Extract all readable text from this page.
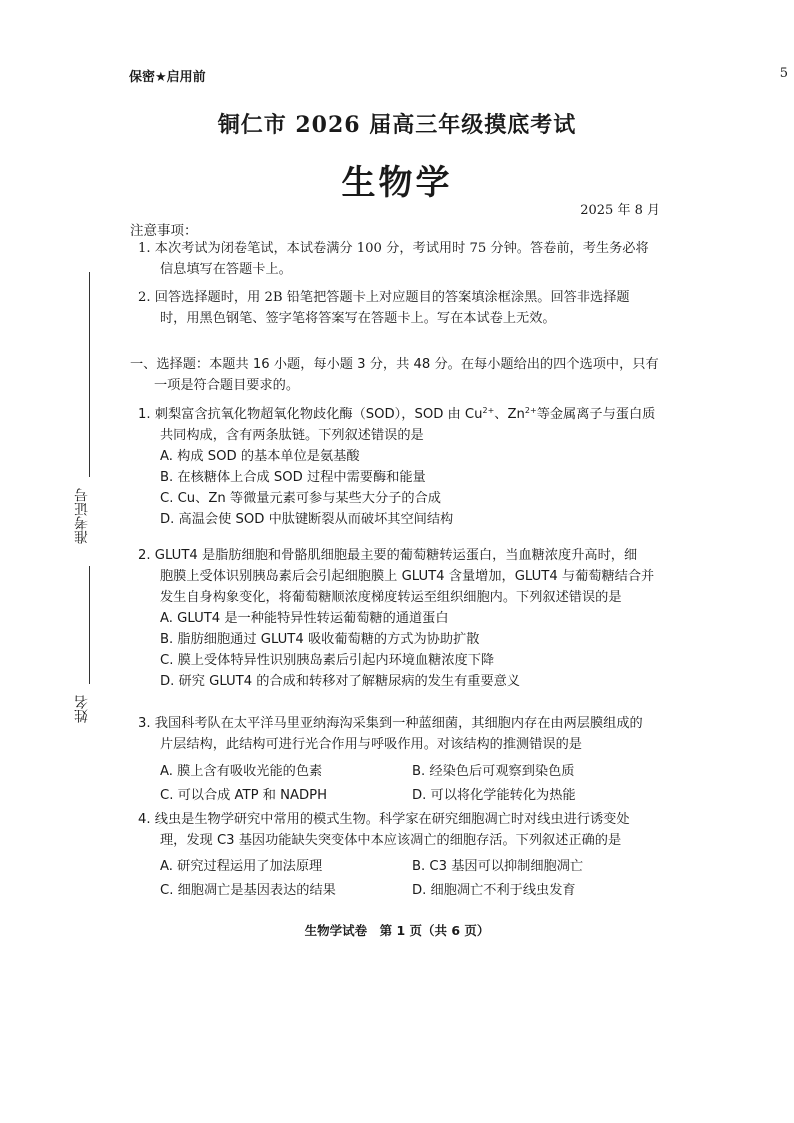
保密★启用前	5
铜仁市 2026 届高三年级摸底考试
生物学
2025 年 8 月
准考证号
姓名
注意事项：
1. 本次考试为闭卷笔试，本试卷满分 100 分，考试用时 75 分钟。答卷前，考生务必将
信息填写在答题卡上。
2. 回答选择题时，用 2B 铅笔把答题卡上对应题目的答案填涂框涂黑。回答非选择题
时，用黑色钢笔、签字笔将答案写在答题卡上。写在本试卷上无效。
一、选择题：本题共 16 小题，每小题 3 分，共 48 分。在每小题给出的四个选项中，只有
一项是符合题目要求的。
1. 刺梨富含抗氧化物超氧化物歧化酶（SOD），SOD 由 $Cu^{2+}$、$Zn^{2+}$等金属离子与蛋白质
共同构成，含有两条肽链。下列叙述错误的是
A. 构成 SOD 的基本单位是氨基酸
B. 在核糖体上合成 SOD 过程中需要酶和能量
C. Cu、Zn 等微量元素可参与某些大分子的合成
D. 高温会使 SOD 中肽键断裂从而破坏其空间结构
2. GLUT4 是脂肪细胞和骨骼肌细胞最主要的葡萄糖转运蛋白，当血糖浓度升高时，细
胞膜上受体识别胰岛素后会引起细胞膜上 GLUT4 含量增加，GLUT4 与葡萄糖结合并
发生自身构象变化，将葡萄糖顺浓度梯度转运至组织细胞内。下列叙述错误的是
A. GLUT4 是一种能特异性转运葡萄糖的通道蛋白
B. 脂肪细胞通过 GLUT4 吸收葡萄糖的方式为协助扩散
C. 膜上受体特异性识别胰岛素后引起内环境血糖浓度下降
D. 研究 GLUT4 的合成和转移对了解糖尿病的发生有重要意义
3. 我国科考队在太平洋马里亚纳海沟采集到一种蓝细菌，其细胞内存在由两层膜组成的
片层结构，此结构可进行光合作用与呼吸作用。对该结构的推测错误的是
A. 膜上含有吸收光能的色素	B. 经染色后可观察到染色质
C. 可以合成 ATP 和 NADPH	D. 可以将化学能转化为热能
4. 线虫是生物学研究中常用的模式生物。科学家在研究细胞凋亡时对线虫进行诱变处
理，发现 C3 基因功能缺失突变体中本应该凋亡的细胞存活。下列叙述正确的是
A. 研究过程运用了加法原理	B. C3 基因可以抑制细胞凋亡
C. 细胞凋亡是基因表达的结果	D. 细胞凋亡不利于线虫发育
生物学试卷　第 1 页（共 6 页）
